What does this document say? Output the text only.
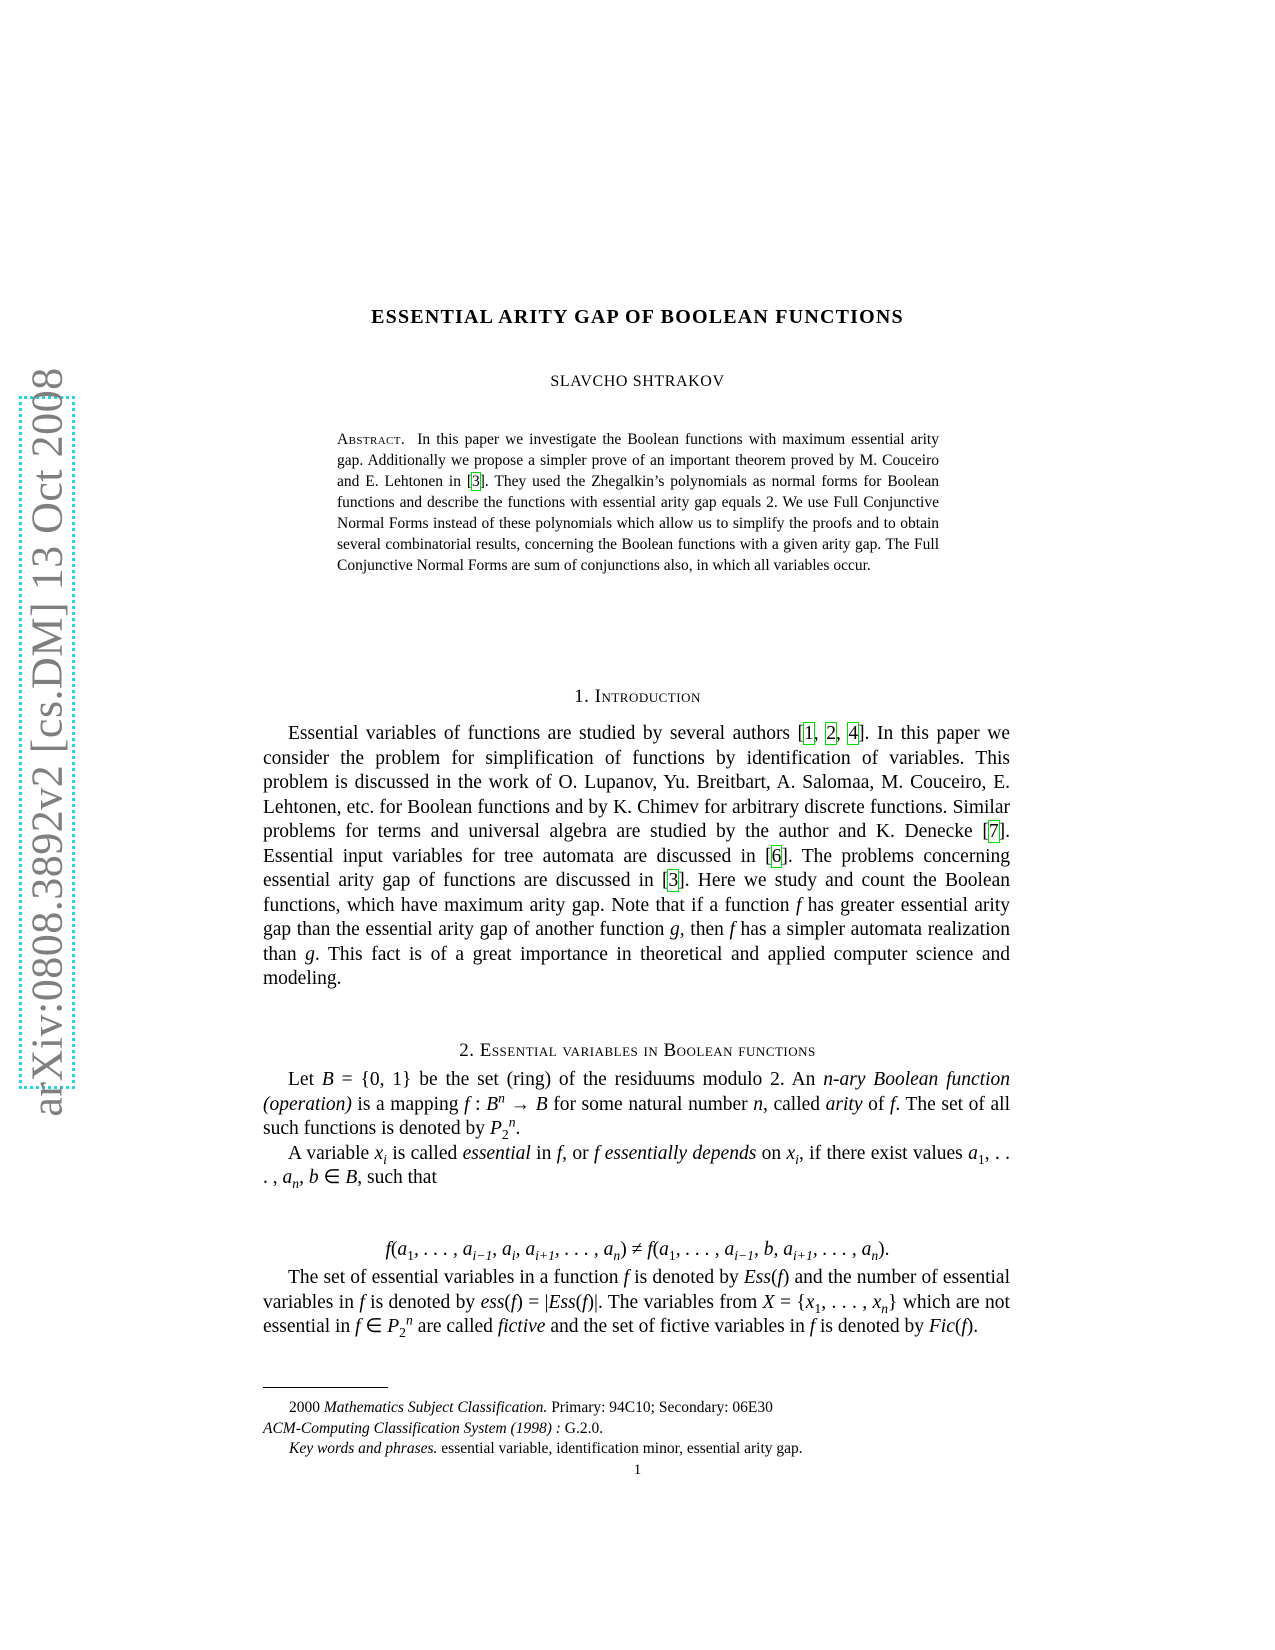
arXiv:0808.3892v2 [cs.DM] 13 Oct 2008
ESSENTIAL ARITY GAP OF BOOLEAN FUNCTIONS
SLAVCHO SHTRAKOV
Abstract. In this paper we investigate the Boolean functions with maximum essential arity gap. Additionally we propose a simpler prove of an important theorem proved by M. Couceiro and E. Lehtonen in [3]. They used the Zhegalkin’s polynomials as normal forms for Boolean functions and describe the functions with essential arity gap equals 2. We use Full Conjunctive Normal Forms instead of these polynomials which allow us to simplify the proofs and to obtain several combinatorial results, concerning the Boolean functions with a given arity gap. The Full Conjunctive Normal Forms are sum of conjunctions also, in which all variables occur.
1. Introduction

Essential variables of functions are studied by several authors [1, 2, 4]. In this paper we consider the problem for simplification of functions by identification of variables. This problem is discussed in the work of O. Lupanov, Yu. Breitbart, A. Salomaa, M. Couceiro, E. Lehtonen, etc. for Boolean functions and by K. Chimev for arbitrary discrete functions. Similar problems for terms and universal algebra are studied by the author and K. Denecke [7]. Essential input variables for tree automata are discussed in [6]. The problems concerning essential arity gap of functions are discussed in [3]. Here we study and count the Boolean functions, which have maximum arity gap. Note that if a function f has greater essential arity gap than the essential arity gap of another function g, then f has a simpler automata realization than g. This fact is of a great importance in theoretical and applied computer science and modeling.

2. Essential variables in Boolean functions

Let B = {0, 1} be the set (ring) of the residuums modulo 2. An n-ary Boolean function (operation) is a mapping f : $B^n \to B$ for some natural number n, called arity of f. The set of all such functions is denoted by $P_2^n$.

A variable $x_i$ is called essential in f, or f essentially depends on $x_i$, if there exist values $a_1$, . . . , $a_n$, b ∈ B, such that

$f(a_1$, . . . , $a_{i-1}$, $a_i$, $a_{i+1}$, . . . , $a_n) \ne f(a_1$, . . . , $a_{i-1}$, b, $a_{i+1}$, . . . , $a_n$).

The set of essential variables in a function f is denoted by Ess(f) and the number of essential variables in f is denoted by ess(f) = |Ess(f)|. The variables from $X = \{x_1$, . . . , $x_n$} which are not essential in f ∈ $P_2^n$ are called fictive and the set of fictive variables in f is denoted by Fic(f).

2000 Mathematics Subject Classification. Primary: 94C10; Secondary: 06E30
ACM-Computing Classification System (1998) : G.2.0.
Key words and phrases. essential variable, identification minor, essential arity gap.
1
